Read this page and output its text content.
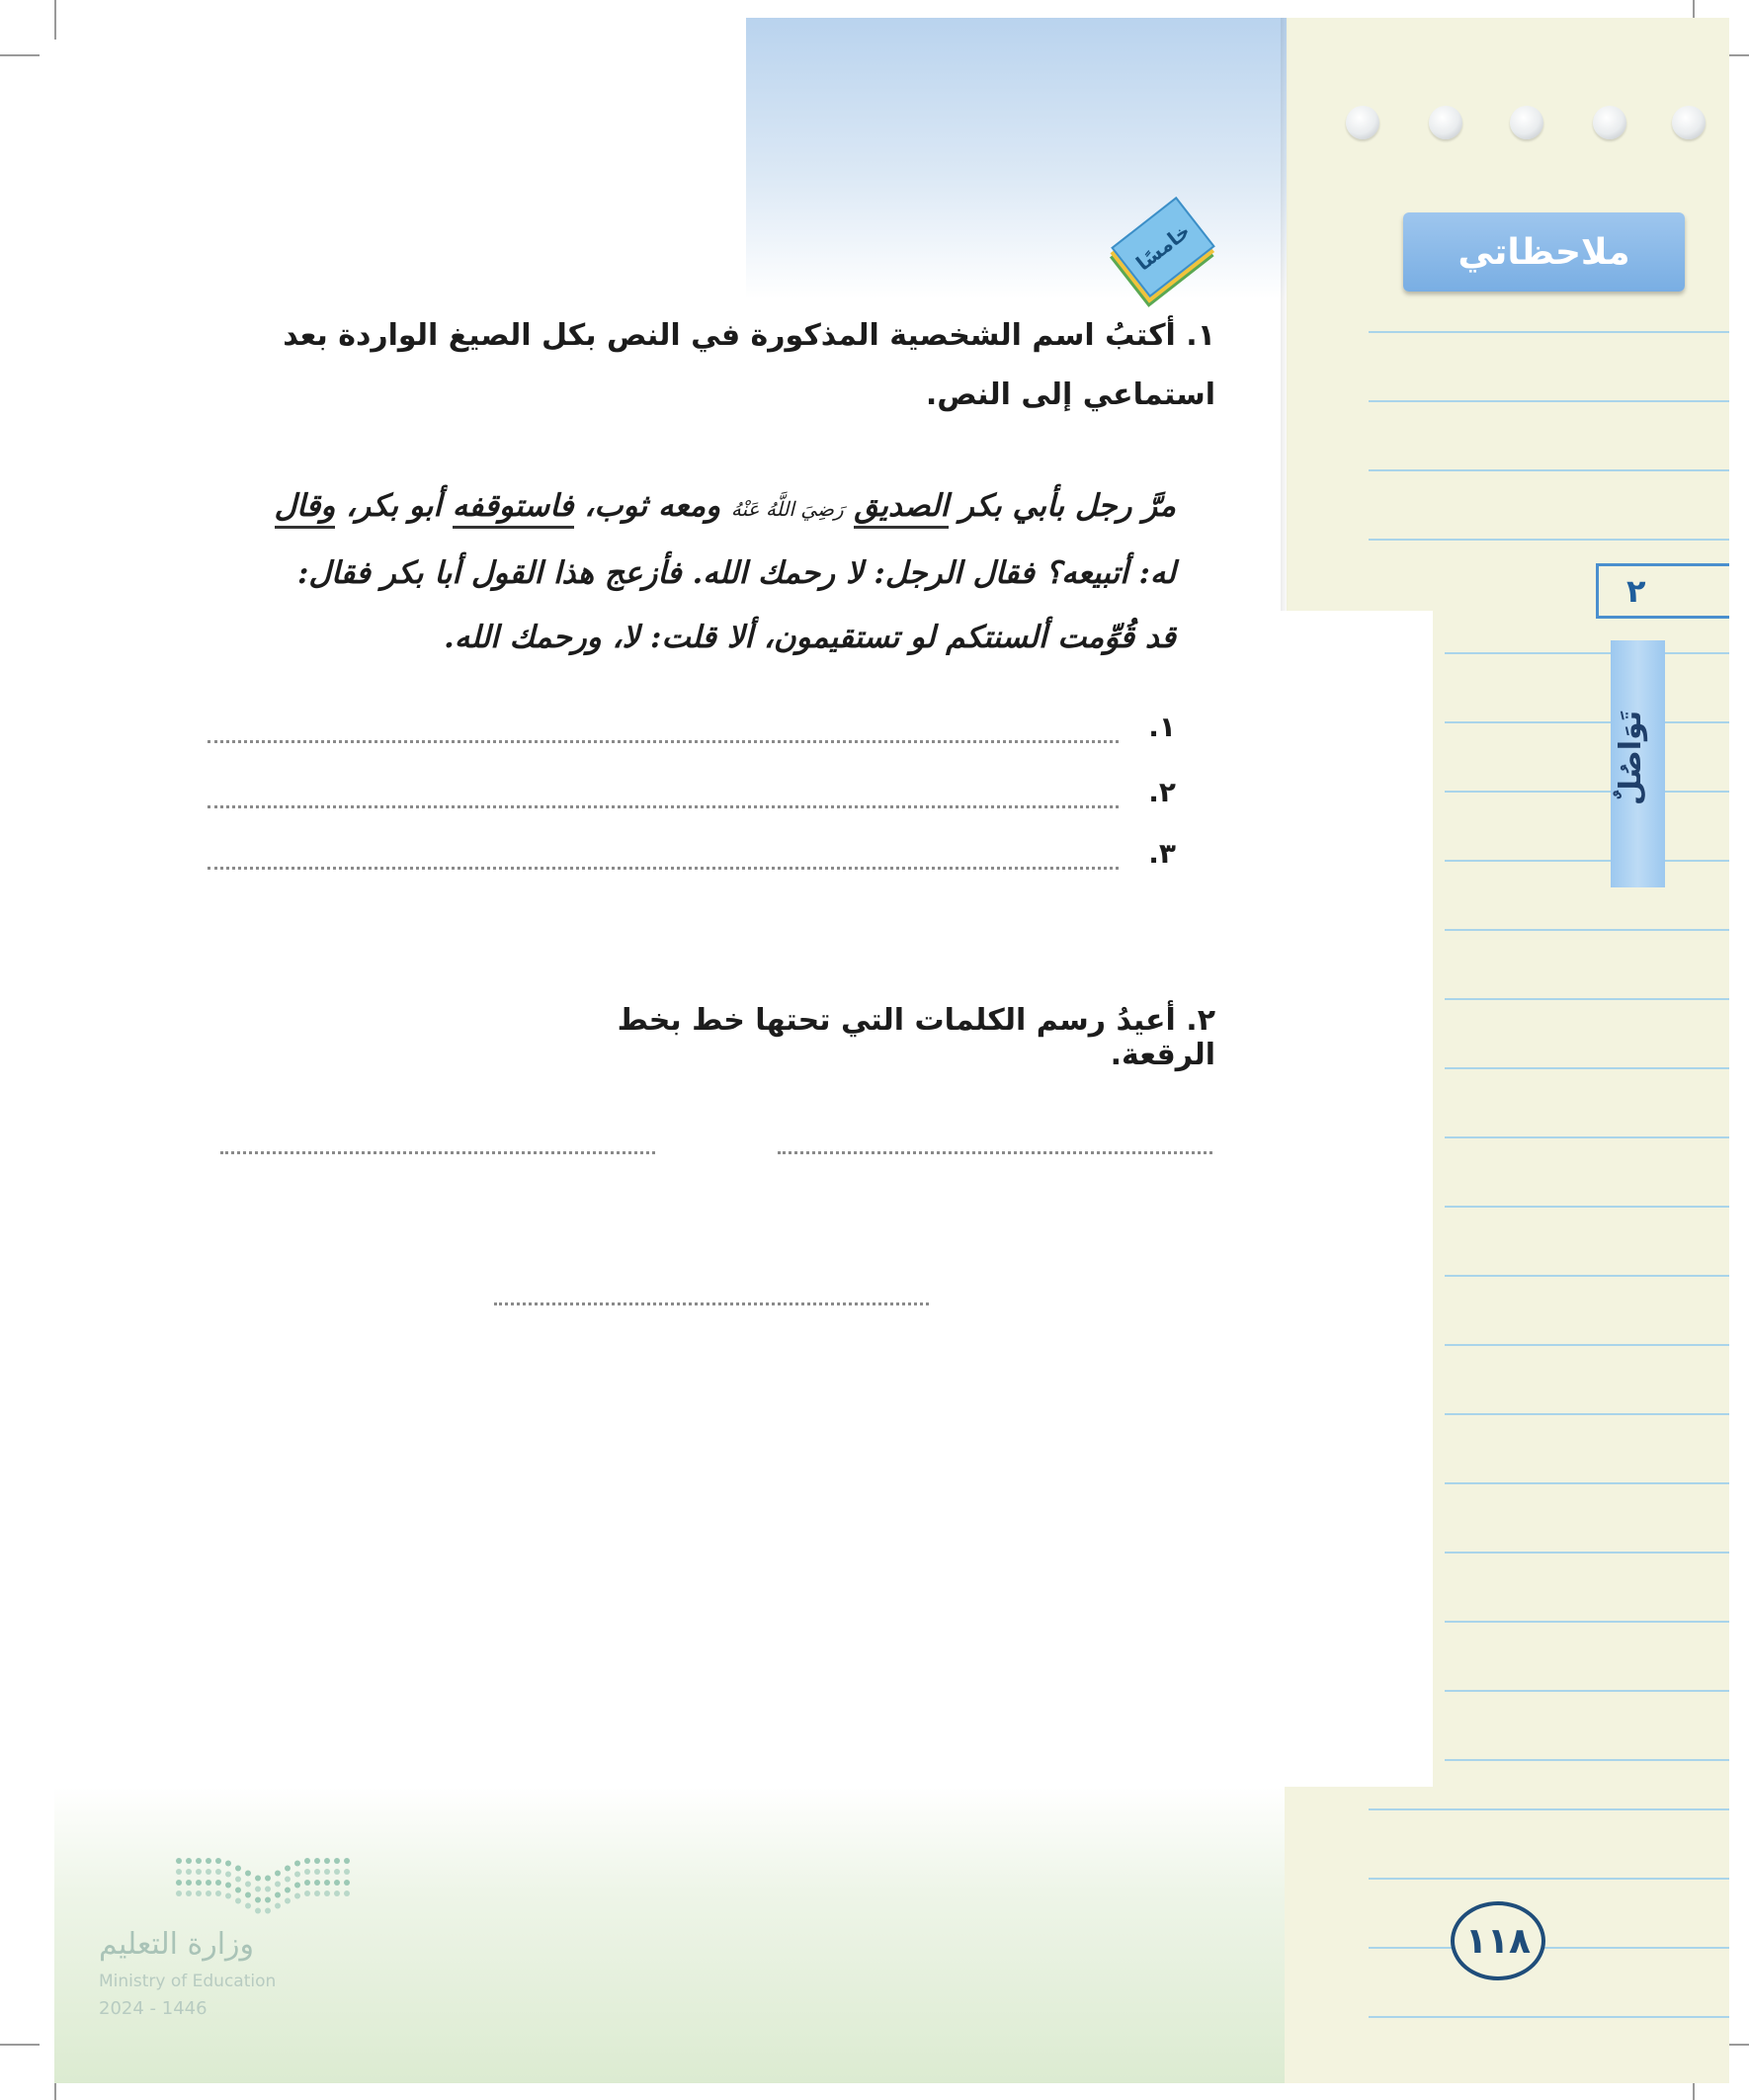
ملاحظاتي
٢
تَوَاصُلٌ
خامسًا
١. أكتبُ اسم الشخصية المذكورة في النص بكل الصيغ الواردة بعد استماعي إلى النص.
مرَّ رجل بأبي بكر الصديق رَضِيَ اللَّهُ عَنْهُ ومعه ثوب، فاستوقفه أبو بكر، وقال
له: أتبيعه؟ فقال الرجل: لا رحمك الله. فأزعج هذا القول أبا بكر فقال:
قد قُوِّمت ألسنتكم لو تستقيمون، ألا قلت: لا، ورحمك الله.
١.
٢.
٣.
٢. أعيدُ رسم الكلمات التي تحتها خط بخط الرقعة.
وزارة التعليم
Ministry of Education
2024 - 1446
١١٨
